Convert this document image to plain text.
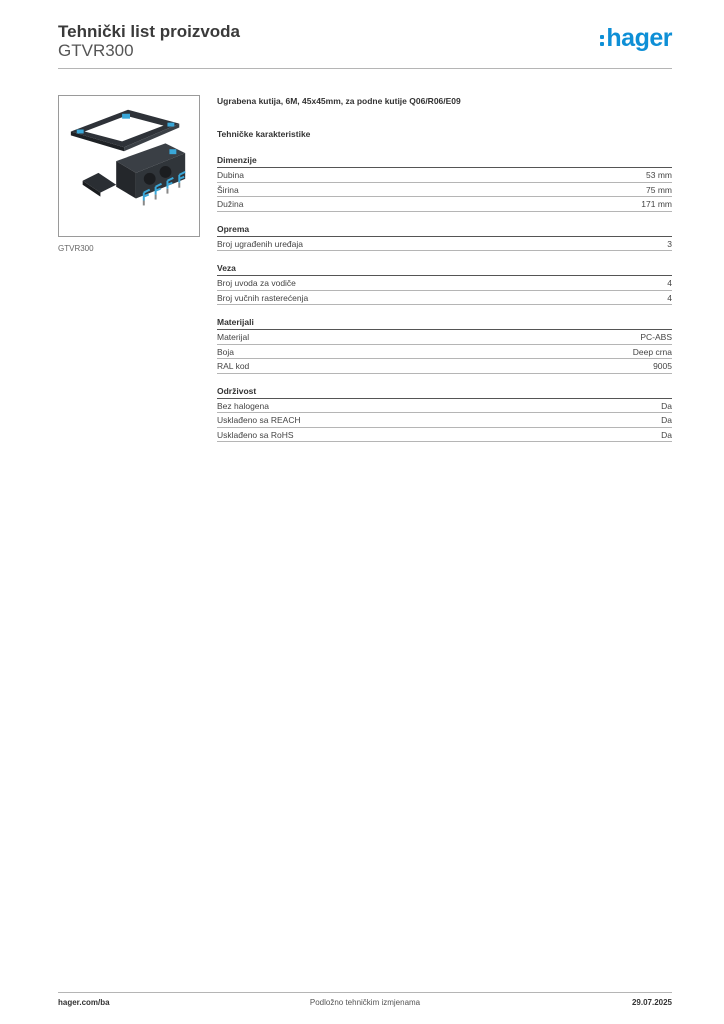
Tehnički list proizvoda
GTVR300	hager
GTVR300
Ugrabena kutija, 6M, 45x45mm, za podne kutije Q06/R06/E09
Tehničke karakteristike
Dimenzije
Dubina	53 mm
Širina	75 mm
Dužina	171 mm
Oprema
Broj ugrađenih uređaja	3
Veza
Broj uvoda za vodiče	4
Broj vučnih rasterećenja	4
Materijali
Materijal	PC-ABS
Boja	Deep crna
RAL kod	9005
Održivost
Bez halogena	Da
Usklađeno sa REACH	Da
Usklađeno sa RoHS	Da
hager.com/ba	Podložno tehničkim izmjenama	29.07.2025
